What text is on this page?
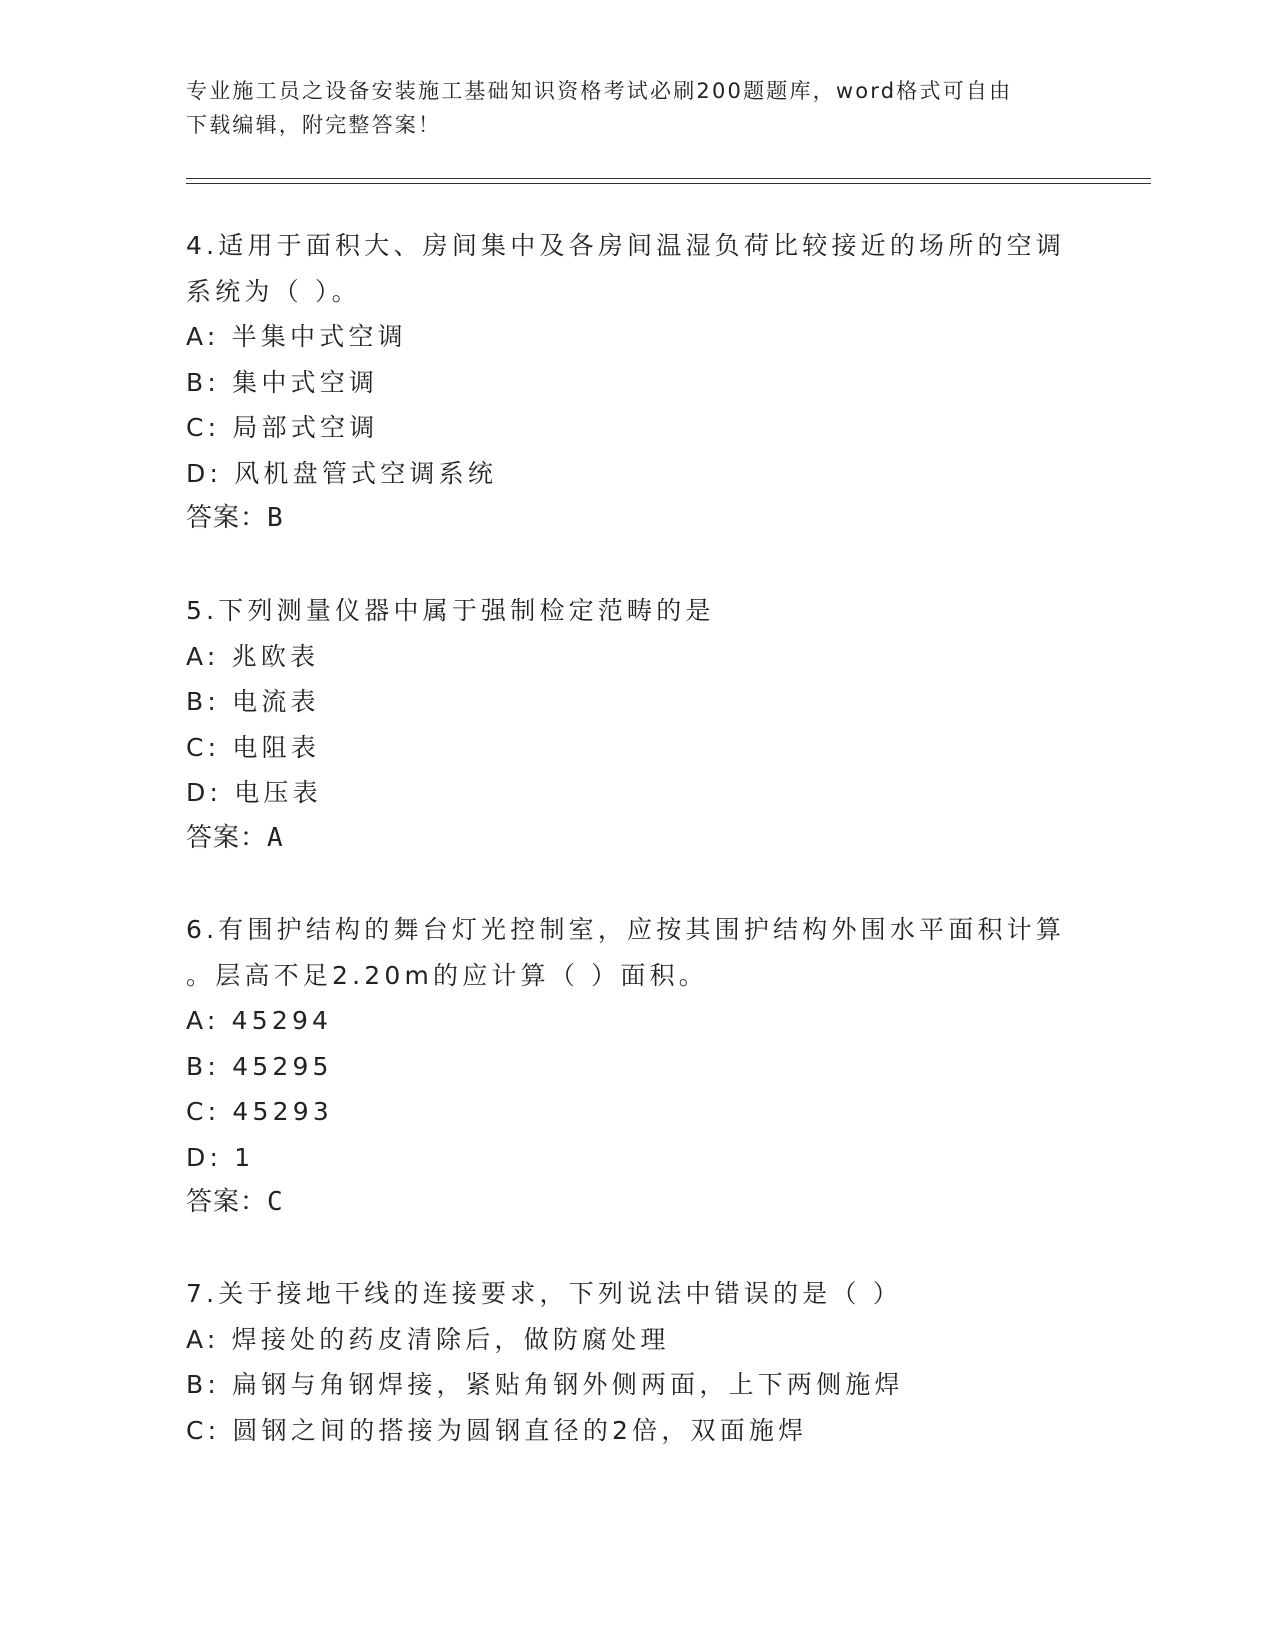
专业施工员之设备安装施工基础知识资格考试必刷200题题库，word格式可自由
下载编辑，附完整答案！
4.适用于面积大、房间集中及各房间温湿负荷比较接近的场所的空调
系统为（ ）。
A: 半集中式空调
B: 集中式空调
C: 局部式空调
D: 风机盘管式空调系统
答案：B
5.下列测量仪器中属于强制检定范畴的是
A: 兆欧表
B: 电流表
C: 电阻表
D: 电压表
答案：A
6.有围护结构的舞台灯光控制室，应按其围护结构外围水平面积计算
。层高不足2.20m的应计算（ ）面积。
A: 45294
B: 45295
C: 45293
D: 1
答案：C
7.关于接地干线的连接要求，下列说法中错误的是（ ）
A: 焊接处的药皮清除后，做防腐处理
B: 扁钢与角钢焊接，紧贴角钢外侧两面，上下两侧施焊
C: 圆钢之间的搭接为圆钢直径的2倍，双面施焊
